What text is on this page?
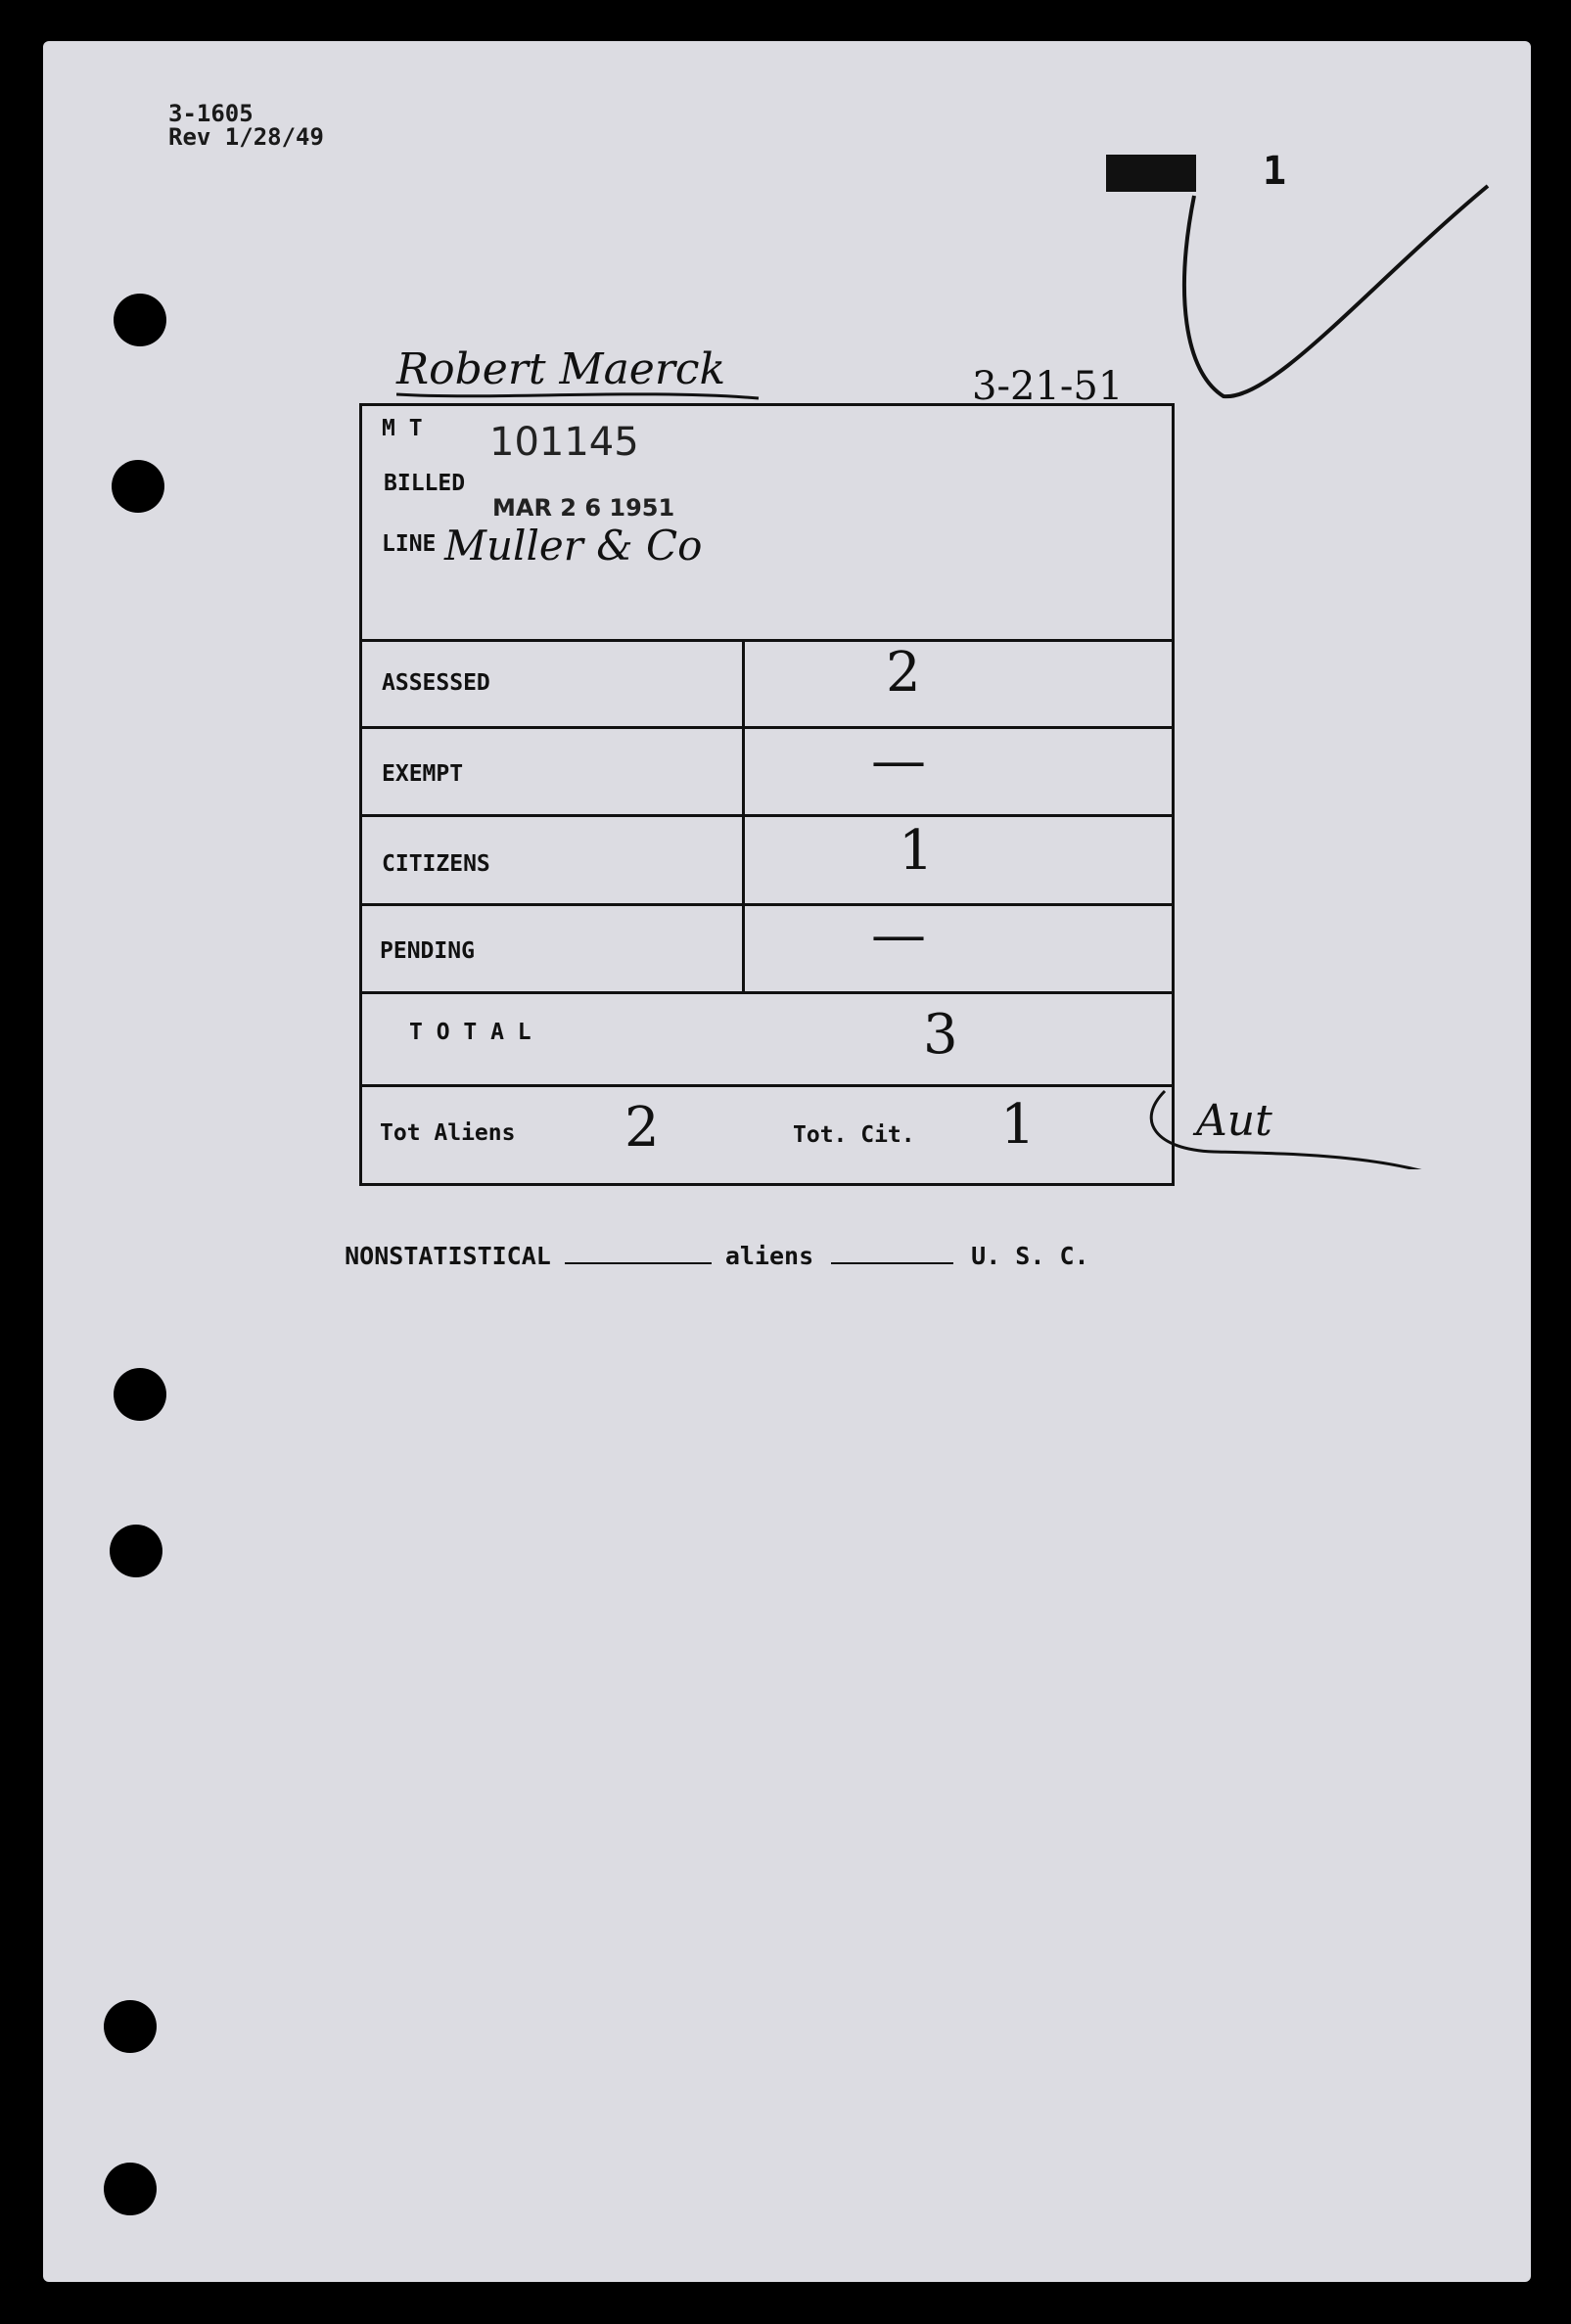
3-1605
Rev 1/28/49
1
Robert Maerck	3-21-51
M T 101145
BILLED
MAR 2 6 1951
LINE Muller & Co
ASSESSED	2
EXEMPT	—
CITIZENS	1
PENDING	—
T O T A L	3
Tot Aliens 2	Tot. Cit. 1	Aut

NONSTATISTICAL	aliens	U. S. C.
